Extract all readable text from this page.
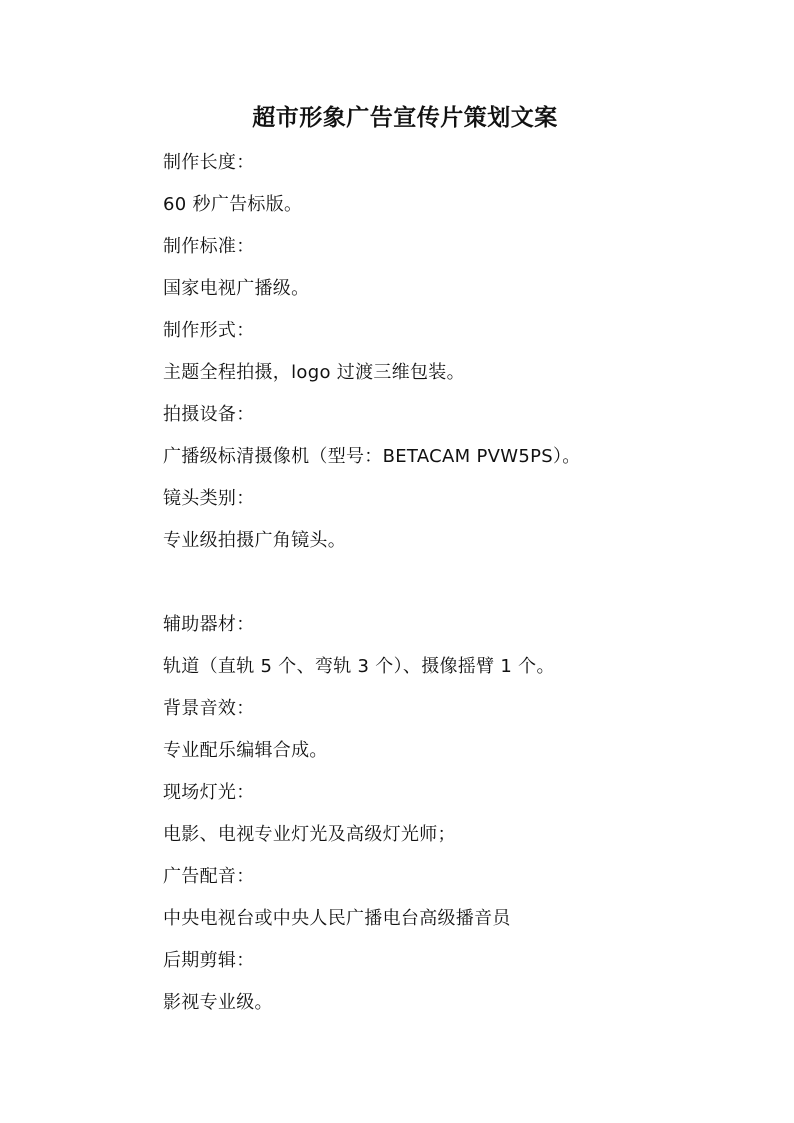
超市形象广告宣传片策划文案
制作长度：
60 秒广告标版。
制作标准：
国家电视广播级。
制作形式：
主题全程拍摄，logo 过渡三维包装。
拍摄设备：
广播级标清摄像机（型号：BETACAM PVW5PS）。
镜头类别：
专业级拍摄广角镜头。
辅助器材：
轨道（直轨 5 个、弯轨 3 个）、摄像摇臂 1 个。
背景音效：
专业配乐编辑合成。
现场灯光：
电影、电视专业灯光及高级灯光师；
广告配音：
中央电视台或中央人民广播电台高级播音员
后期剪辑：
影视专业级。
